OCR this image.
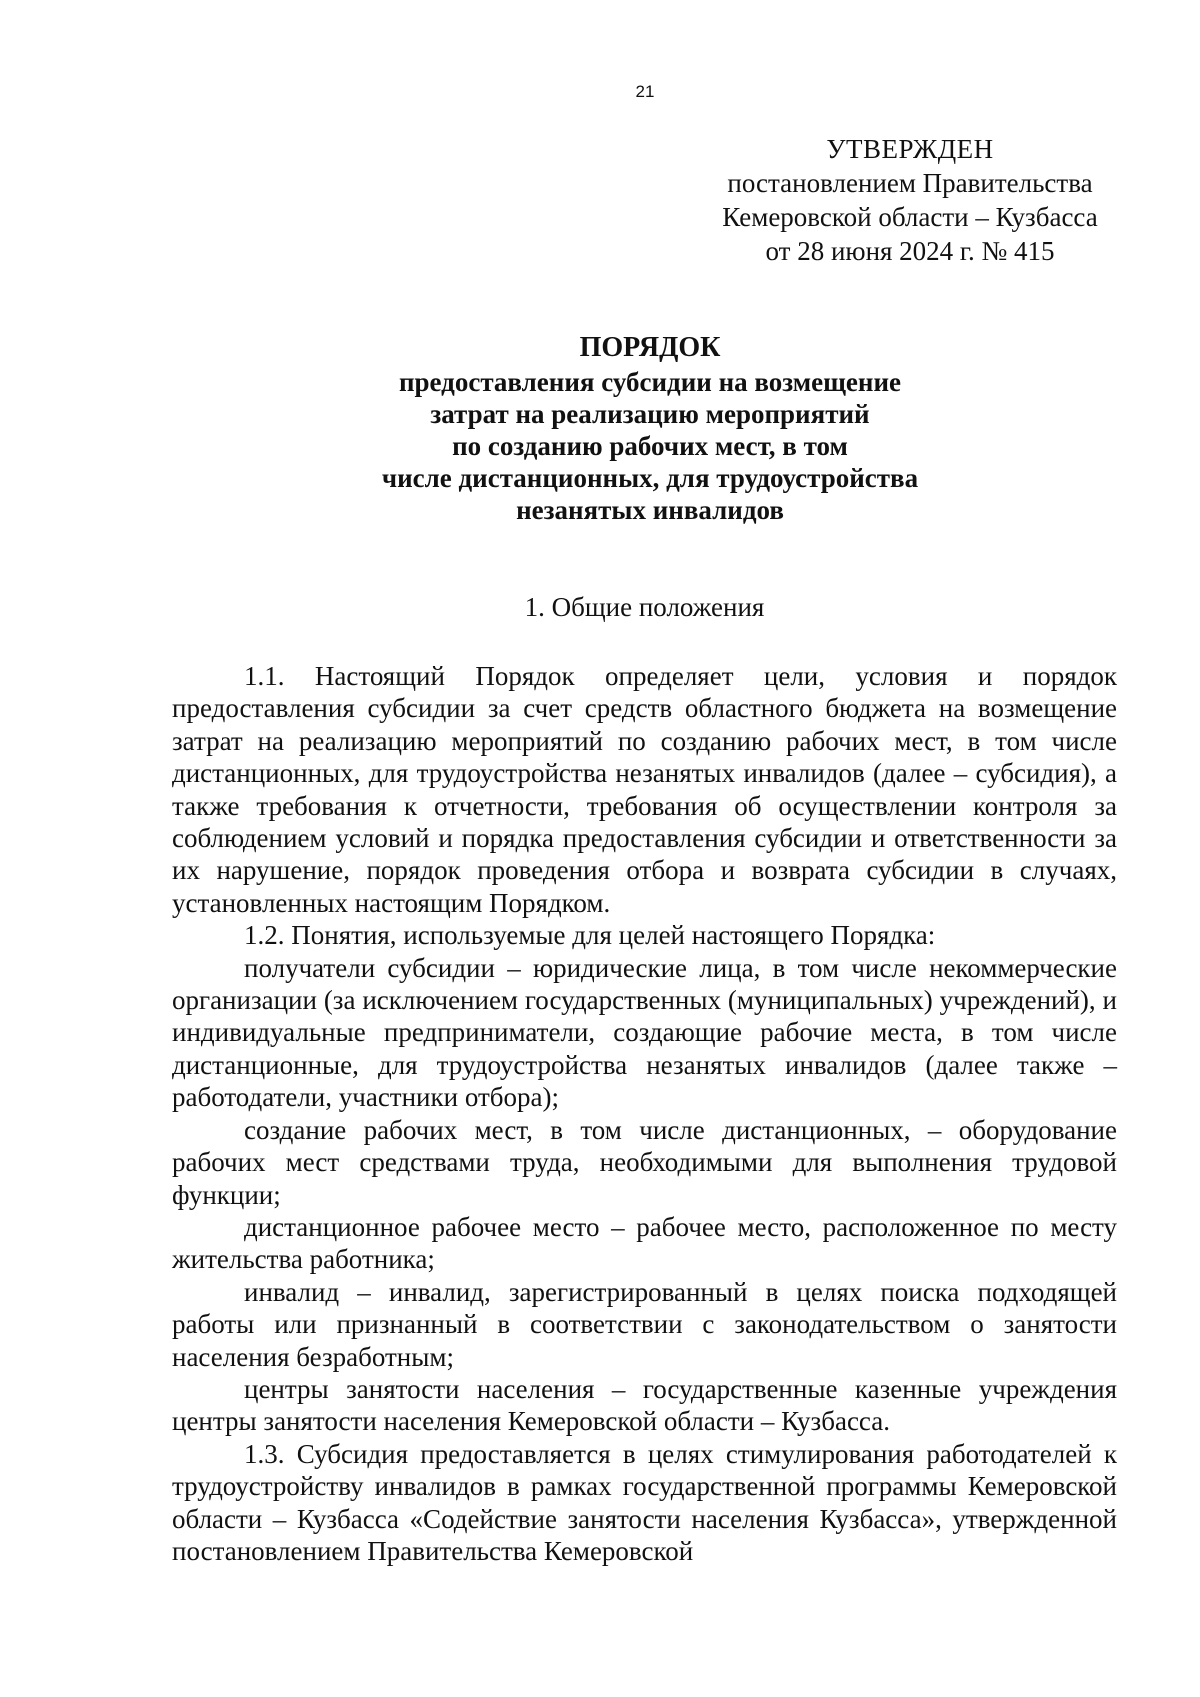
21
УТВЕРЖДЕН
постановлением Правительства
Кемеровской области – Кузбасса
от 28 июня 2024 г. № 415
ПОРЯДОК
предоставления субсидии на возмещение
затрат на реализацию мероприятий
по созданию рабочих мест, в том
числе дистанционных, для трудоустройства
незанятых инвалидов
1. Общие положения

1.1. Настоящий Порядок определяет цели, условия и порядок предоставления субсидии за счет средств областного бюджета на возмещение затрат на реализацию мероприятий по созданию рабочих мест, в том числе дистанционных, для трудоустройства незанятых инвалидов (далее – субсидия), а также требования к отчетности, требования об осуществлении контроля за соблюдением условий и порядка предоставления субсидии и ответственности за их нарушение, порядок проведения отбора и возврата субсидии в случаях, установленных настоящим Порядком.

1.2. Понятия, используемые для целей настоящего Порядка:

получатели субсидии – юридические лица, в том числе некоммерческие организации (за исключением государственных (муниципальных) учреждений), и индивидуальные предприниматели, создающие рабочие места, в том числе дистанционные, для трудоустройства незанятых инвалидов (далее также – работодатели, участники отбора);

создание рабочих мест, в том числе дистанционных, – оборудование рабочих мест средствами труда, необходимыми для выполнения трудовой функции;

дистанционное рабочее место – рабочее место, расположенное по месту жительства работника;

инвалид – инвалид, зарегистрированный в целях поиска подходящей работы или признанный в соответствии с законодательством о занятости населения безработным;

центры занятости населения – государственные казенные учреждения центры занятости населения Кемеровской области – Кузбасса.

1.3. Субсидия предоставляется в целях стимулирования работодателей к трудоустройству инвалидов в рамках государственной программы Кемеровской области – Кузбасса «Содействие занятости населения Кузбасса», утвержденной постановлением Правительства Кемеровской
